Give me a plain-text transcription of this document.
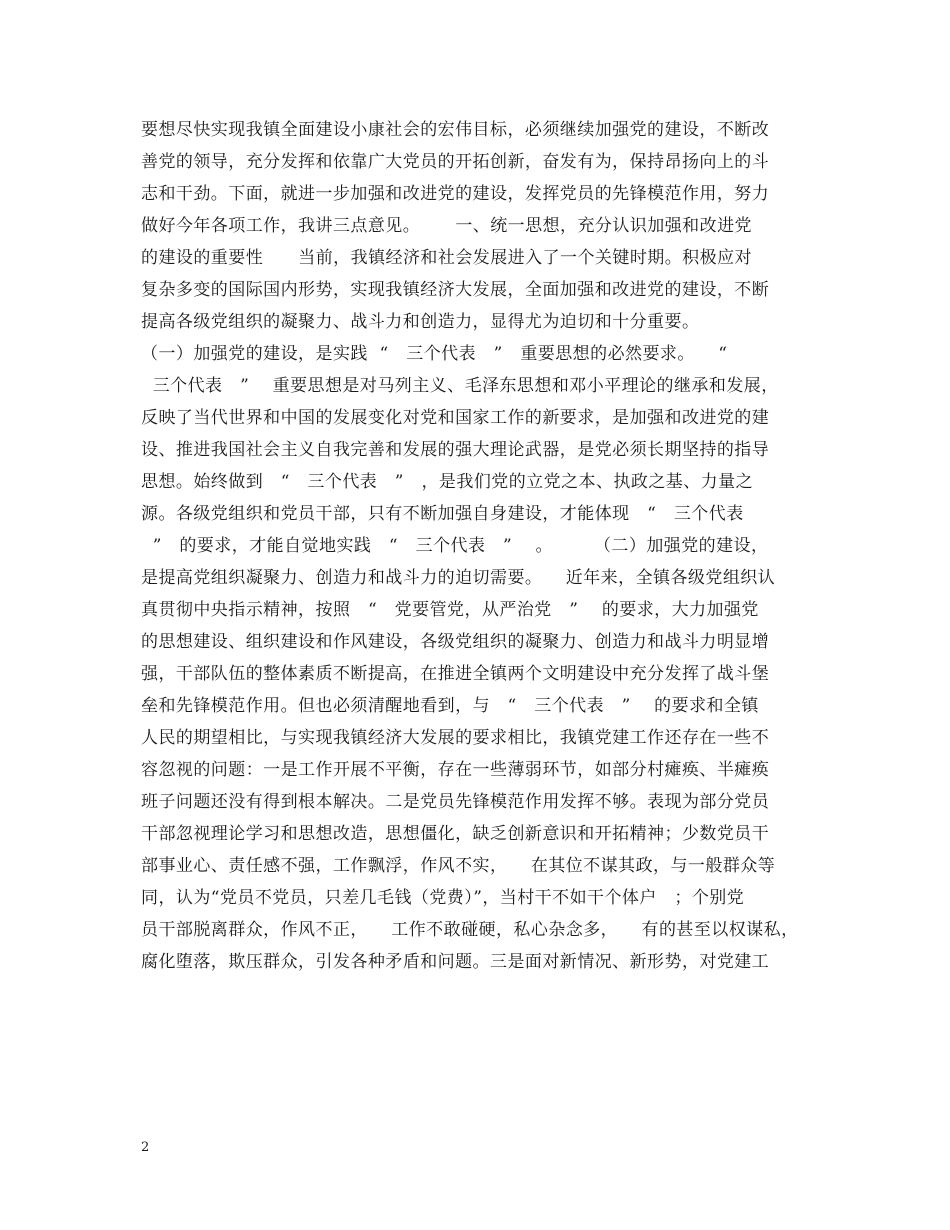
要想尽快实现我镇全面建设小康社会的宏伟目标，必须继续加强党的建设，不断改
善党的领导，充分发挥和依靠广大党员的开拓创新，奋发有为，保持昂扬向上的斗
志和干劲。下面，就进一步加强和改进党的建设，发挥党员的先锋模范作用，努力
做好今年各项工作，我讲三点意见。      一、统一思想，充分认识加强和改进党
的建设的重要性      当前，我镇经济和社会发展进入了一个关键时期。积极应对
复杂多变的国际国内形势，实现我镇经济大发展，全面加强和改进党的建设，不断
提高各级党组织的凝聚力、战斗力和创造力，显得尤为迫切和十分重要。
（一）加强党的建设，是实践  “   三个代表   ”   重要思想的必然要求。    “
三个代表   ”    重要思想是对马列主义、毛泽东思想和邓小平理论的继承和发展，
反映了当代世界和中国的发展变化对党和国家工作的新要求，是加强和改进党的建
设、推进我国社会主义自我完善和发展的强大理论武器，是党必须长期坚持的指导
思想。始终做到   “   三个代表   ”   ，是我们党的立党之本、执政之基、力量之
源。各级党组织和党员干部，只有不断加强自身建设，才能体现   “   三个代表
”   的要求，才能自觉地实践   “   三个代表   ”    。       （二）加强党的建设，
是提高党组织凝聚力、创造力和战斗力的迫切需要。    近年来，全镇各级党组织认
真贯彻中央指示精神，按照   “   党要管党，从严治党   ”    的要求，大力加强党
的思想建设、组织建设和作风建设，各级党组织的凝聚力、创造力和战斗力明显增
强，干部队伍的整体素质不断提高，在推进全镇两个文明建设中充分发挥了战斗堡
垒和先锋模范作用。但也必须清醒地看到，与   “   三个代表   ”    的要求和全镇
人民的期望相比，与实现我镇经济大发展的要求相比，我镇党建工作还存在一些不
容忽视的问题：一是工作开展不平衡，存在一些薄弱环节，如部分村瘫痪、半瘫痪
班子问题还没有得到根本解决。二是党员先锋模范作用发挥不够。表现为部分党员
干部忽视理论学习和思想改造，思想僵化，缺乏创新意识和开拓精神；少数党员干
部事业心、责任感不强，工作飘浮，作风不实，    在其位不谋其政，与一般群众等
同，认为“党员不党员，只差几毛钱（党费）”，当村干不如干个体户   ；个别党
员干部脱离群众，作风不正，    工作不敢碰硬，私心杂念多，    有的甚至以权谋私，
腐化堕落，欺压群众，引发各种矛盾和问题。三是面对新情况、新形势，对党建工
2
